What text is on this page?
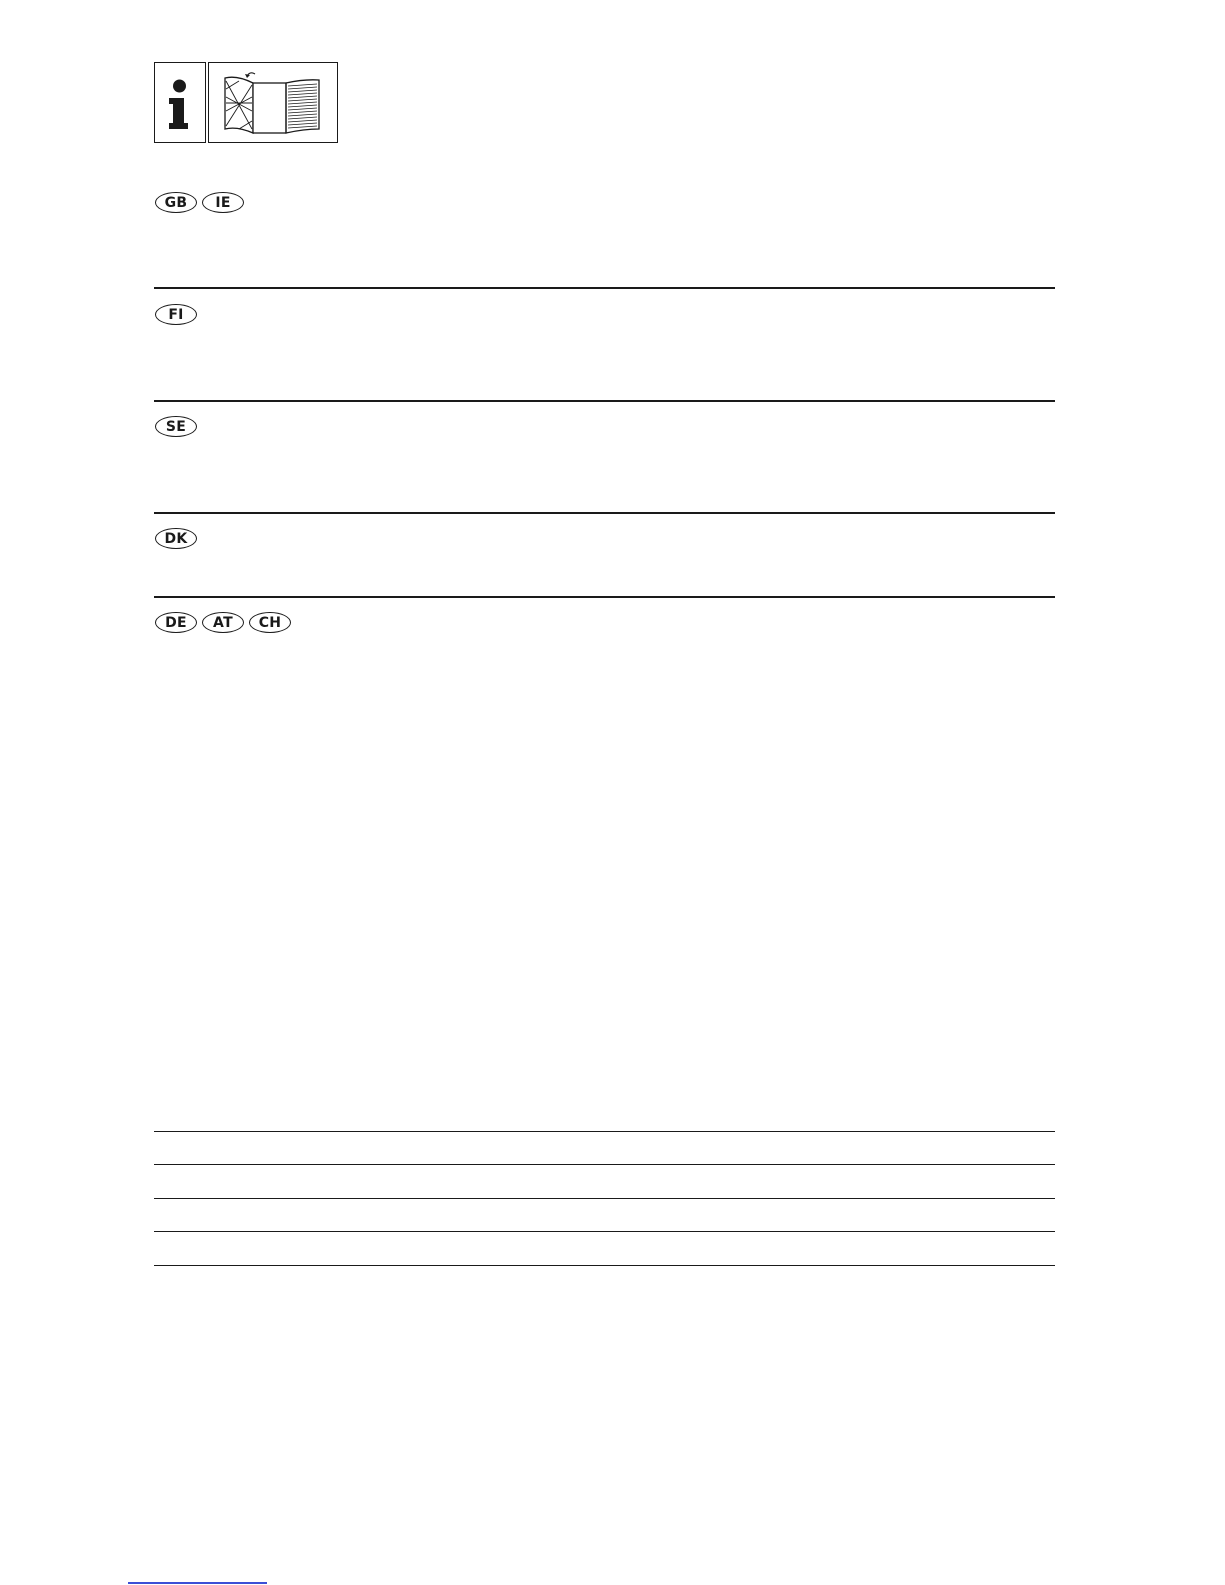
GB	IE
FI
SE
DK
DE	AT	CH
